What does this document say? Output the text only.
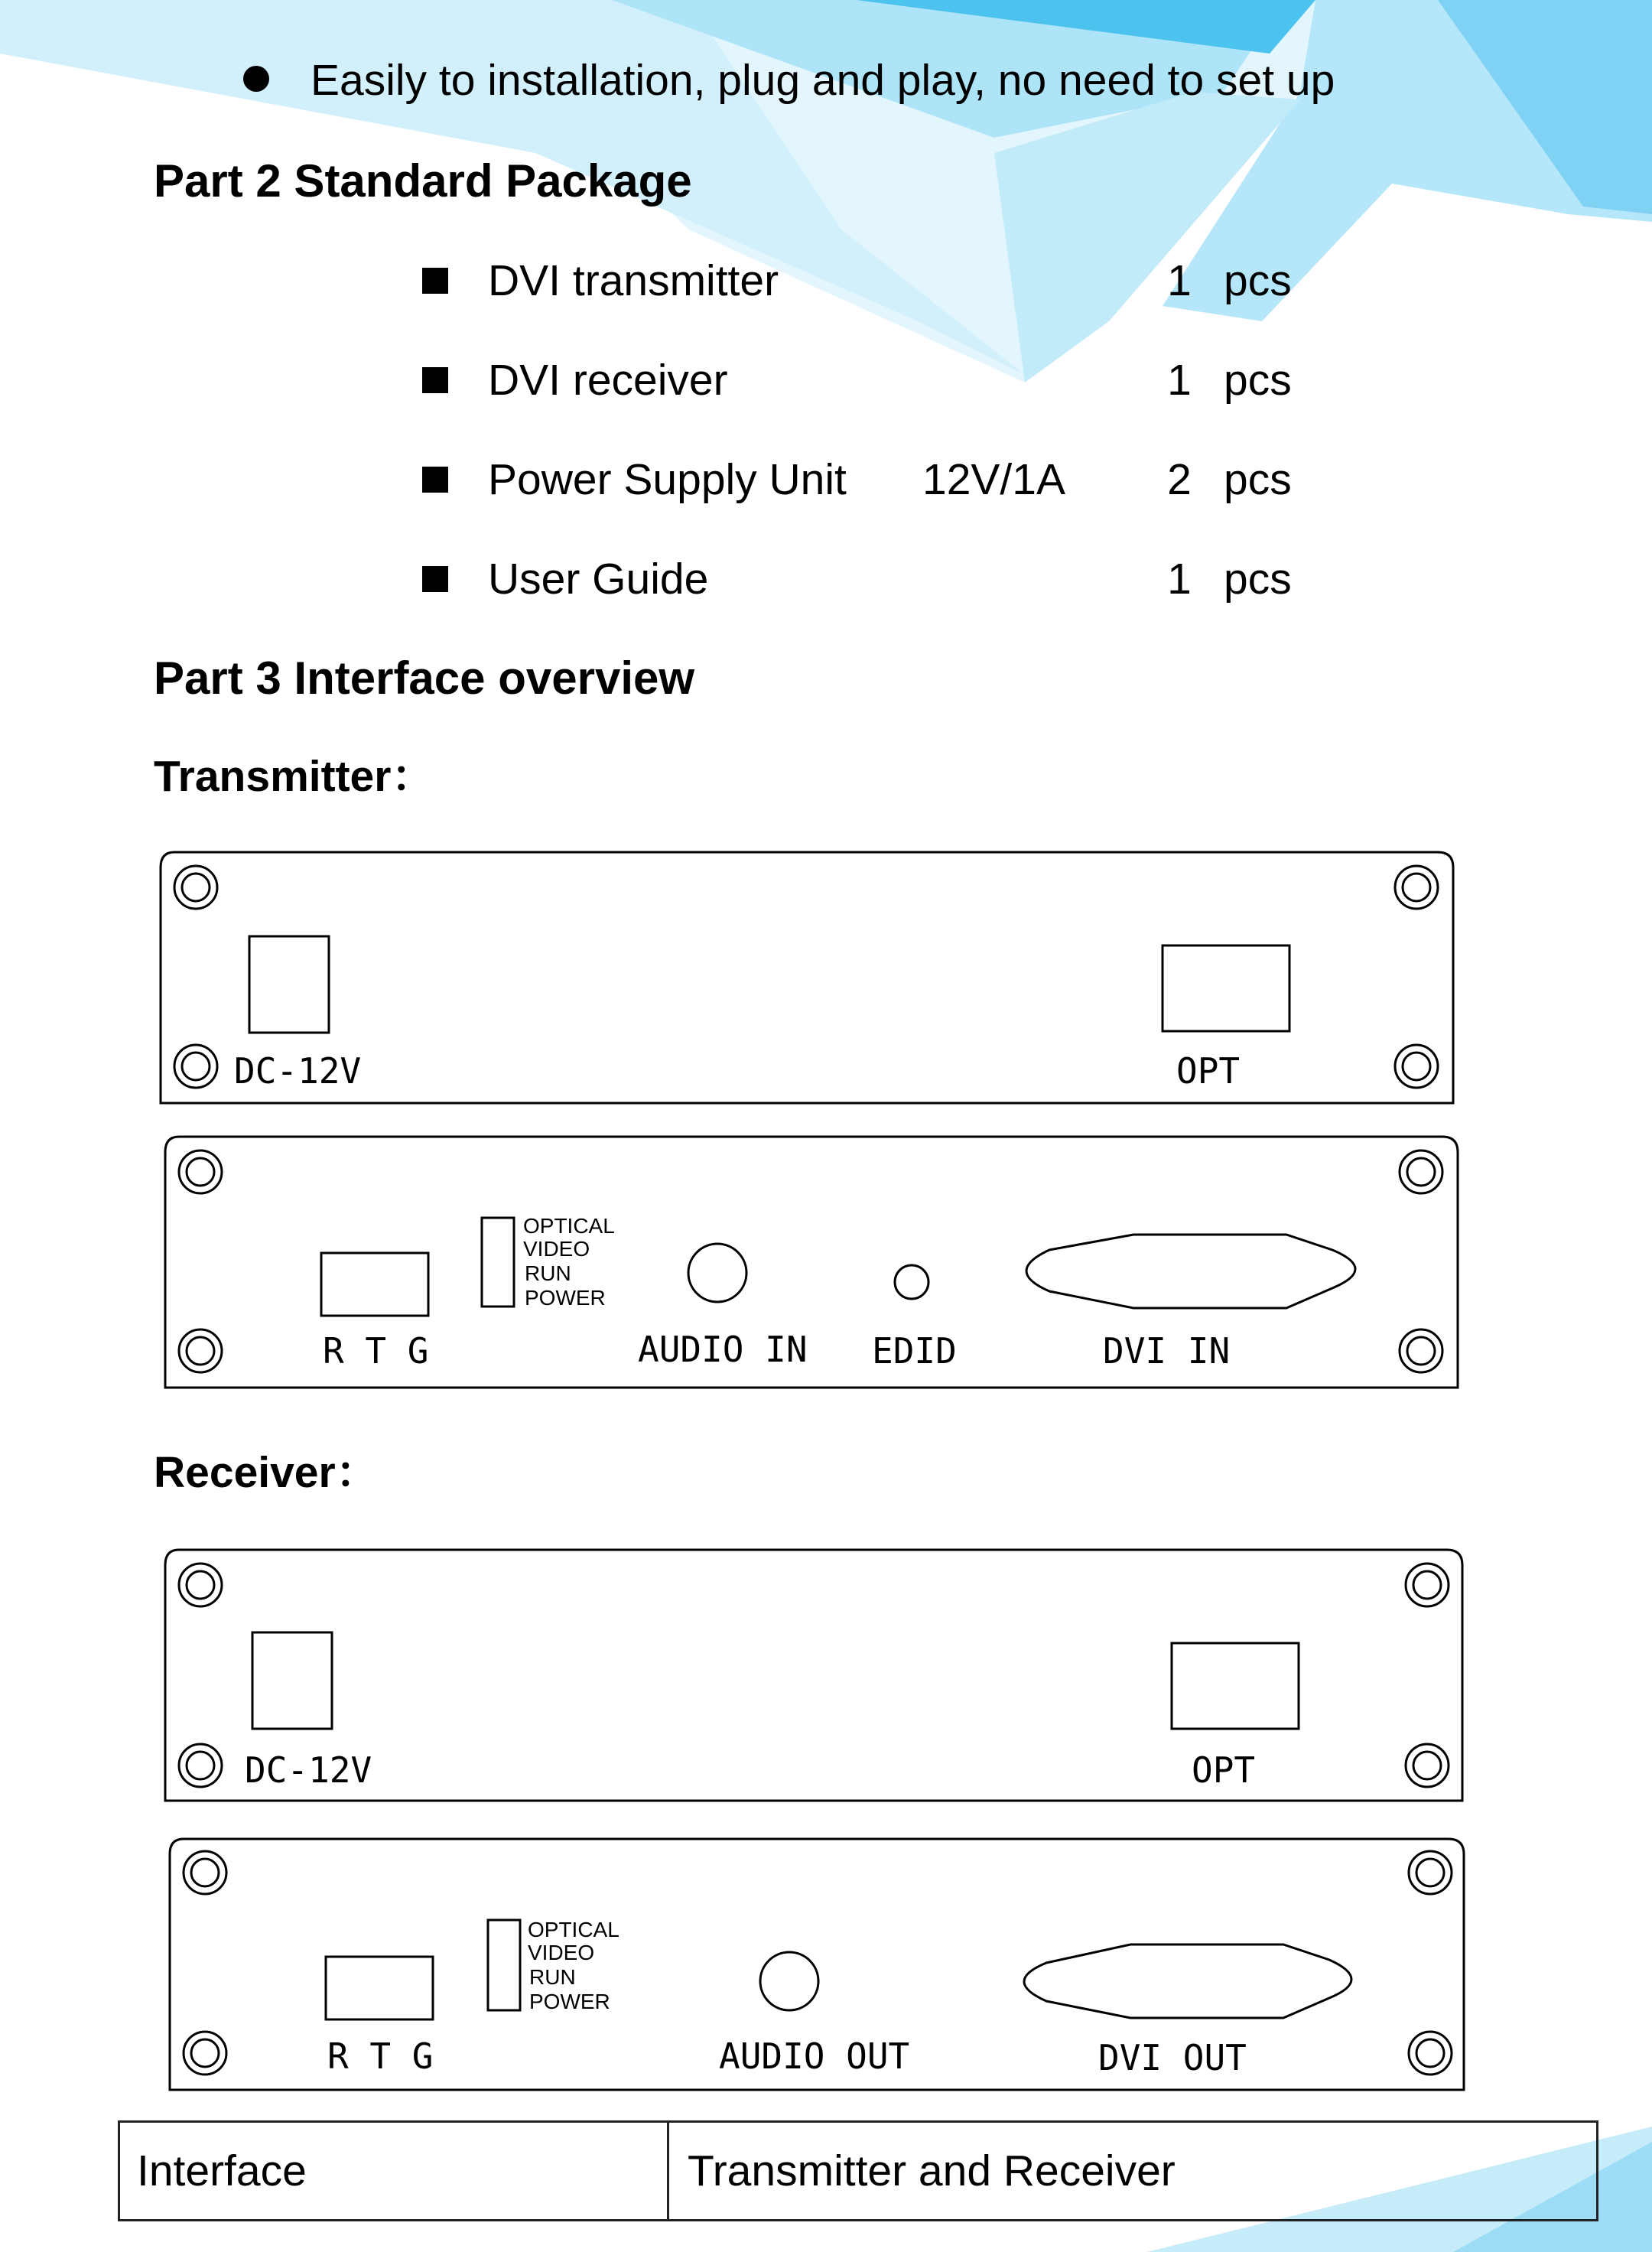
Easily to installation, plug and play, no need to set up
Part 2 Standard Package
DVI transmitter	1 pcs
DVI receiver	1 pcs
Power Supply Unit 12V/1A 2 pcs
User Guide	1 pcs
Part 3 Interface overview
Transmitter：
DC-12V	OPT
OPTICAL
VIDEO
RUN
POWER
R T G	AUDIO IN EDID	DVI IN
Receiver：
DC-12V	OPT
OPTICAL
VIDEO
RUN
POWER
R T G	AUDIO OUT	DVI OUT
Interface	Transmitter and Receiver
